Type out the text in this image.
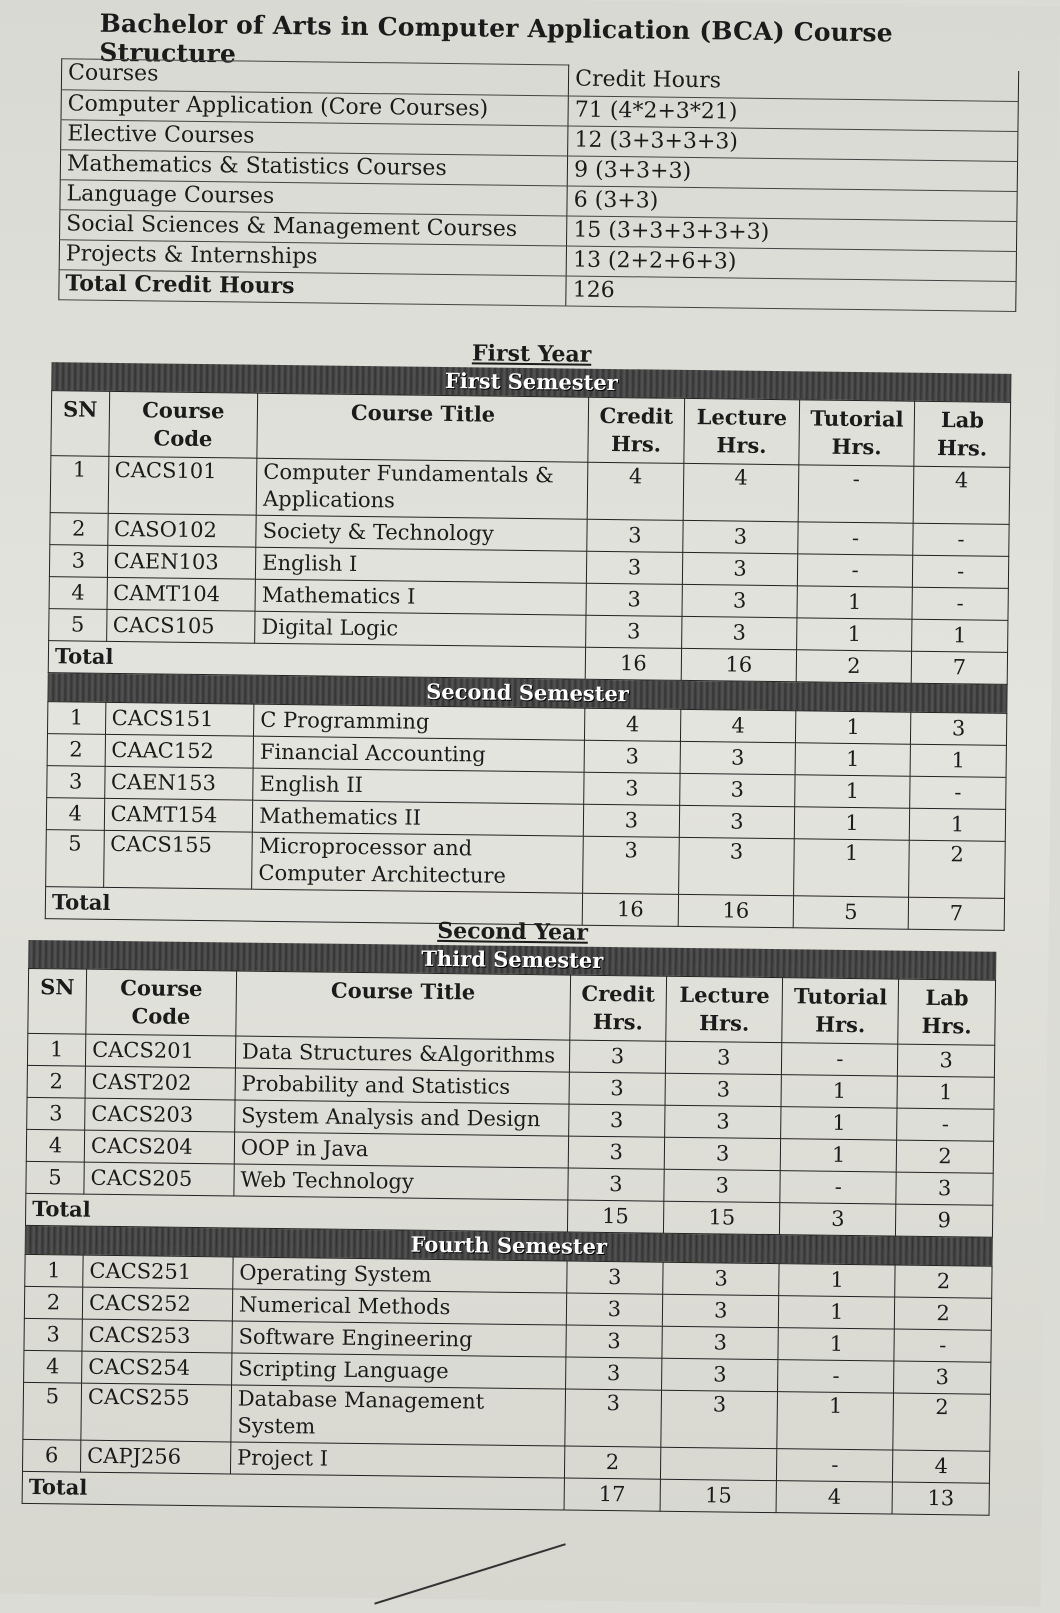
Bachelor of Arts in Computer Application (BCA) Course Structure
Courses	Credit Hours
Computer Application (Core Courses)	71 (4*2+3*21)
Elective Courses	12 (3+3+3+3)
Mathematics & Statistics Courses	9 (3+3+3)
Language Courses	6 (3+3)
Social Sciences & Management Courses	15 (3+3+3+3+3)
Projects & Internships	13 (2+2+6+3)
Total Credit Hours	126
First Year
First Semester
SN	Course Code	Course Title	Credit Hrs.	Lecture Hrs.	Tutorial Hrs.	Lab Hrs.
1	CACS101	Computer Fundamentals & Applications	4	4	-	4
2	CASO102	Society & Technology	3	3	-	-
3	CAEN103	English I	3	3	-	-
4	CAMT104	Mathematics I	3	3	1	-
5	CACS105	Digital Logic	3	3	1	1
Total			16	16	2	7
Second Semester
1	CACS151	C Programming	4	4	1	3
2	CAAC152	Financial Accounting	3	3	1	1
3	CAEN153	English II	3	3	1	-
4	CAMT154	Mathematics II	3	3	1	1
5	CACS155	Microprocessor and Computer Architecture	3	3	1	2
Total			16	16	5	7
Second Year
Third Semester
SN	Course Code	Course Title	Credit Hrs.	Lecture Hrs.	Tutorial Hrs.	Lab Hrs.
1	CACS201	Data Structures &Algorithms	3	3	-	3
2	CAST202	Probability and Statistics	3	3	1	1
3	CACS203	System Analysis and Design	3	3	1	-
4	CACS204	OOP in Java	3	3	1	2
5	CACS205	Web Technology	3	3	-	3
Total			15	15	3	9
Fourth Semester
1	CACS251	Operating System	3	3	1	2
2	CACS252	Numerical Methods	3	3	1	2
3	CACS253	Software Engineering	3	3	1	-
4	CACS254	Scripting Language	3	3	-	3
5	CACS255	Database Management System	3	3	1	2
6	CAPJ256	Project I	2		-	4
Total			17	15	4	13
